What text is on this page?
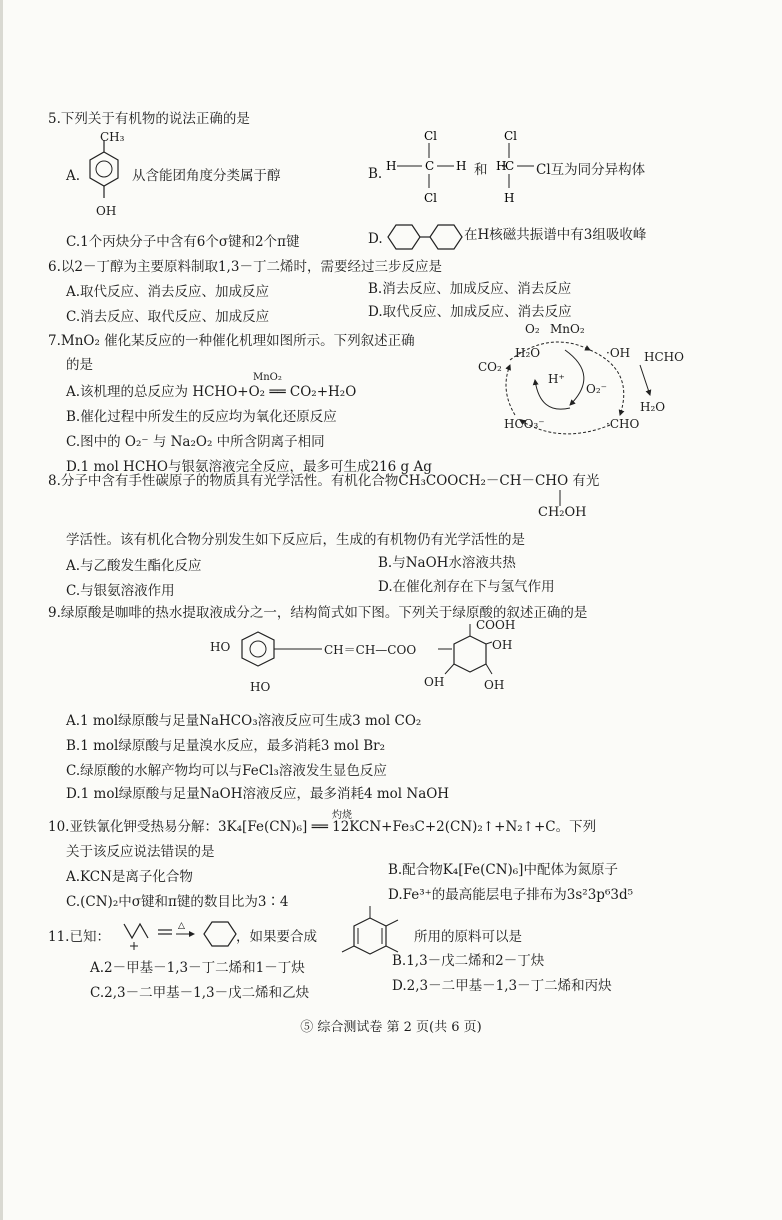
5.下列关于有机物的说法正确的是
CH₃
A.
OH
从含能团角度分类属于醇	B.
Cl
H C H
Cl
H
Cl
C
H
和	Cl互为同分异构体
C.1个丙炔分子中含有6个σ键和2个π键	D.	在H核磁共振谱中有3组吸收峰
6.以2－丁醇为主要原料制取1,3－丁二烯时，需要经过三步反应是
A.取代反应、消去反应、加成反应	B.消去反应、加成反应、消去反应
C.消去反应、取代反应、加成反应	D.取代反应、加成反应、消去反应
7.MnO₂ 催化某反应的一种催化机理如图所示。下列叙述正确
的是
A.该机理的总反应为 HCHO+O₂ ══ CO₂+H₂O
MnO₂
B.催化过程中所发生的反应均为氧化还原反应
C.图中的 O₂⁻ 与 Na₂O₂ 中所含阴离子相同
D.1 mol HCHO与银氨溶液完全反应，最多可生成216 g Ag
O₂ MnO₂
H₂O	·OH HCHO
CO₂
H⁺
O₂⁻
H₂O
HCO₃⁻	·CHO
8.分子中含有手性碳原子的物质具有光学活性。有机化合物CH₃COOCH₂－CH－CHO 有光
CH₂OH
学活性。该有机化合物分别发生如下反应后，生成的有机物仍有光学活性的是
A.与乙酸发生酯化反应	B.与NaOH水溶液共热
C.与银氨溶液作用	D.在催化剂存在下与氢气作用
9.绿原酸是咖啡的热水提取液成分之一，结构简式如下图。下列关于绿原酸的叙述正确的是
HO
HO
CH＝CH—COO
COOH
OH
OH	OH
A.1 mol绿原酸与足量NaHCO₃溶液反应可生成3 mol CO₂
B.1 mol绿原酸与足量溴水反应，最多消耗3 mol Br₂
C.绿原酸的水解产物均可以与FeCl₃溶液发生显色反应
D.1 mol绿原酸与足量NaOH溶液反应，最多消耗4 mol NaOH
10.亚铁氰化钾受热易分解：3K₄[Fe(CN)₆] ══ 12KCN+Fe₃C+2(CN)₂↑+N₂↑+C。下列
灼烧
关于该反应说法错误的是
A.KCN是离子化合物	B.配合物K₄[Fe(CN)₆]中配体为氮原子
C.(CN)₂中σ键和π键的数目比为3∶4	D.Fe³⁺的最高能层电子排布为3s²3p⁶3d⁵
11.已知：
△
，如果要合成	所用的原料可以是
A.2－甲基－1,3－丁二烯和1－丁炔	B.1,3－戊二烯和2－丁炔
C.2,3－二甲基－1,3－戊二烯和乙炔	D.2,3－二甲基－1,3－丁二烯和丙炔
⑤ 综合测试卷 第 2 页(共 6 页)
